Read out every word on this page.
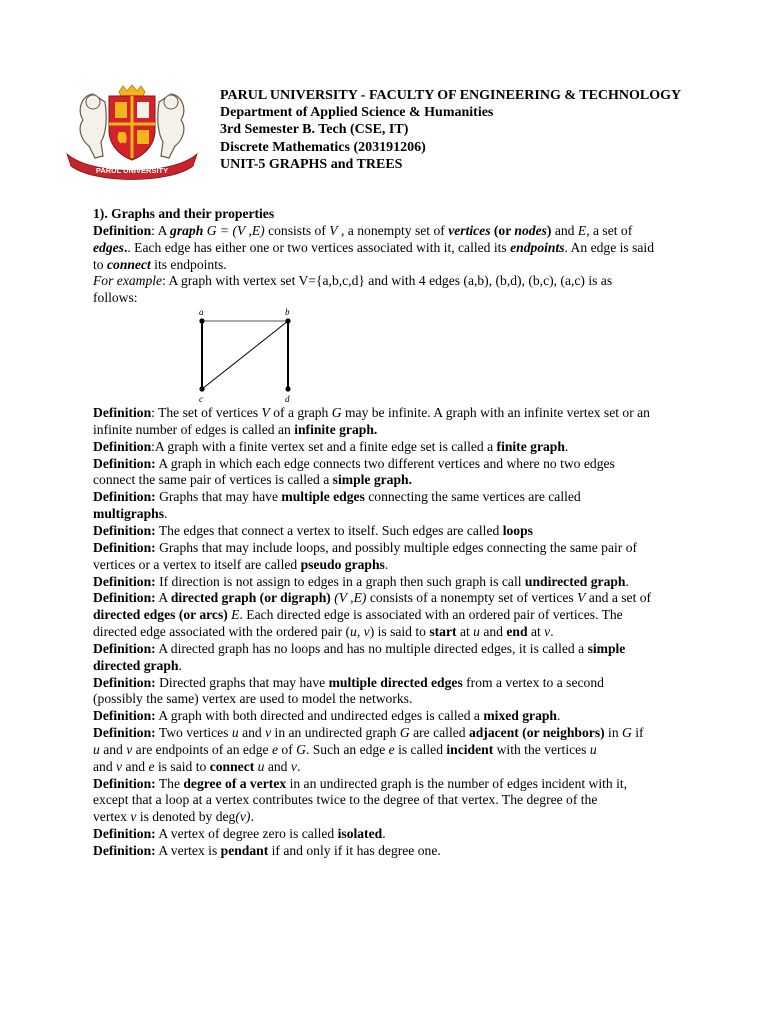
PARUL UNIVERSITY
PARUL UNIVERSITY - FACULTY OF ENGINEERING & TECHNOLOGY
Department of Applied Science & Humanities
3rd Semester B. Tech (CSE, IT)
Discrete Mathematics (203191206)
UNIT-5 GRAPHS and TREES
1). Graphs and their properties
Definition: A graph G = (V ,E) consists of V , a nonempty set of vertices (or nodes) and E, a set of
edges.. Each edge has either one or two vertices associated with it, called its endpoints. An edge is said
to connect its endpoints.
For example: A graph with vertex set V={a,b,c,d} and with 4 edges (a,b), (b,d), (b,c), (a,c) is as
follows:
a	b
c	d
Definition: The set of vertices V of a graph G may be infinite. A graph with an infinite vertex set or an
infinite number of edges is called an infinite graph.
Definition:A graph with a finite vertex set and a finite edge set is called a finite graph.
Definition: A graph in which each edge connects two different vertices and where no two edges
connect the same pair of vertices is called a simple graph.
Definition: Graphs that may have multiple edges connecting the same vertices are called
multigraphs.
Definition: The edges that connect a vertex to itself. Such edges are called loops
Definition: Graphs that may include loops, and possibly multiple edges connecting the same pair of
vertices or a vertex to itself are called pseudo graphs.
Definition: If direction is not assign to edges in a graph then such graph is call undirected graph.
Definition: A directed graph (or digraph) (V ,E) consists of a nonempty set of vertices V and a set of
directed edges (or arcs) E. Each directed edge is associated with an ordered pair of vertices. The
directed edge associated with the ordered pair (u, v) is said to start at u and end at v.
Definition: A directed graph has no loops and has no multiple directed edges, it is called a simple
directed graph.
Definition: Directed graphs that may have multiple directed edges from a vertex to a second
(possibly the same) vertex are used to model the networks.
Definition: A graph with both directed and undirected edges is called a mixed graph.
Definition: Two vertices u and v in an undirected graph G are called adjacent (or neighbors) in G if
u and v are endpoints of an edge e of G. Such an edge e is called incident with the vertices u
and v and e is said to connect u and v.
Definition: The degree of a vertex in an undirected graph is the number of edges incident with it,
except that a loop at a vertex contributes twice to the degree of that vertex. The degree of the
vertex v is denoted by deg(v).
Definition: A vertex of degree zero is called isolated.
Definition: A vertex is pendant if and only if it has degree one.
